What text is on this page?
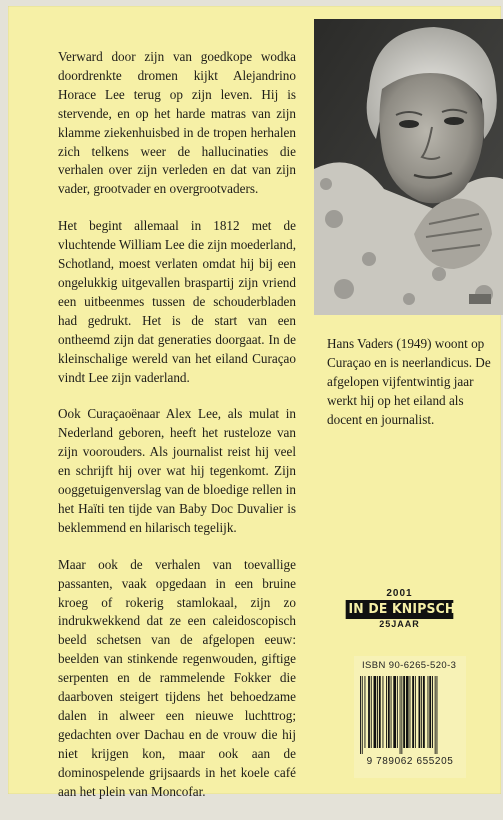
Verward door zijn van goedkope wodka doordrenkte dromen kijkt Alejandrino Horace Lee terug op zijn leven. Hij is stervende, en op het harde matras van zijn klamme ziekenhuisbed in de tropen herhalen zich telkens weer de hallucinaties die verhalen over zijn verleden en dat van zijn vader, grootvader en overgrootvaders.

Het begint allemaal in 1812 met de vluchtende William Lee die zijn moederland, Schotland, moest verlaten omdat hij bij een ongelukkig uitgevallen braspartij zijn vriend een uitbeenmes tussen de schouderbladen had gedrukt. Het is de start van een ontheemd zijn dat generaties doorgaat. In de kleinschalige wereld van het eiland Curaçao vindt Lee zijn vaderland.

Ook Curaçaoënaar Alex Lee, als mulat in Nederland geboren, heeft het rusteloze van zijn voorouders. Als journalist reist hij veel en schrijft hij over wat hij tegenkomt. Zijn ooggetuigenverslag van de bloedige rellen in het Haïti ten tijde van Baby Doc Duvalier is beklemmend en hilarisch tegelijk.

Maar ook de verhalen van toevallige passanten, vaak opgedaan in een bruine kroeg of rokerig stamlokaal, zijn zo indrukwekkend dat ze een caleidoscopisch beeld schetsen van de afgelopen eeuw: beelden van stinkende regenwouden, giftige serpenten en de rammelende Fokker die daarboven steigert tijdens het behoedzame dalen in alweer een nieuwe luchttrog; gedachten over Dachau en de vrouw die hij niet krijgen kon, maar ook aan de dominospelende grijsaards in het koele café aan het plein van Moncofar.

Hans Vaders (1949) woont op Curaçao en is neerlandicus. De afgelopen vijfentwintig jaar werkt hij op het eiland als docent en journalist.
2001
IN DE KNIPSCHEER
25JAAR
ISBN 90-6265-520-3
9 789062 655205
